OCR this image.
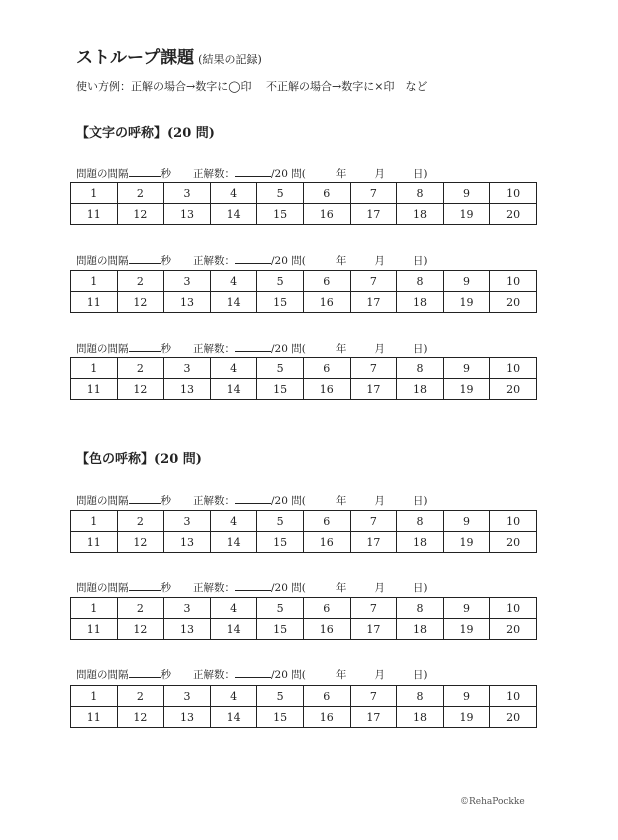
ストループ課題 (結果の記録)
使い方例：正解の場合→数字に◯印　 不正解の場合→数字に×印　など
【文字の呼称】(20 問)
【色の呼称】(20 問)
問題の間隔	秒 正解数：	/20 問(	年	月	日)
1	2	3	4	5	6	7	8	9	10
11	12	13	14	15	16	17	18	19	20
問題の間隔	秒 正解数：	/20 問(	年	月	日)
1	2	3	4	5	6	7	8	9	10
11	12	13	14	15	16	17	18	19	20
問題の間隔	秒 正解数：	/20 問(	年	月	日)
1	2	3	4	5	6	7	8	9	10
11	12	13	14	15	16	17	18	19	20
問題の間隔	秒 正解数：	/20 問(	年	月	日)
1	2	3	4	5	6	7	8	9	10
11	12	13	14	15	16	17	18	19	20
問題の間隔	秒 正解数：	/20 問(	年	月	日)
1	2	3	4	5	6	7	8	9	10
11	12	13	14	15	16	17	18	19	20
問題の間隔	秒 正解数：	/20 問(	年	月	日)
1	2	3	4	5	6	7	8	9	10
11	12	13	14	15	16	17	18	19	20
©RehaPockke
